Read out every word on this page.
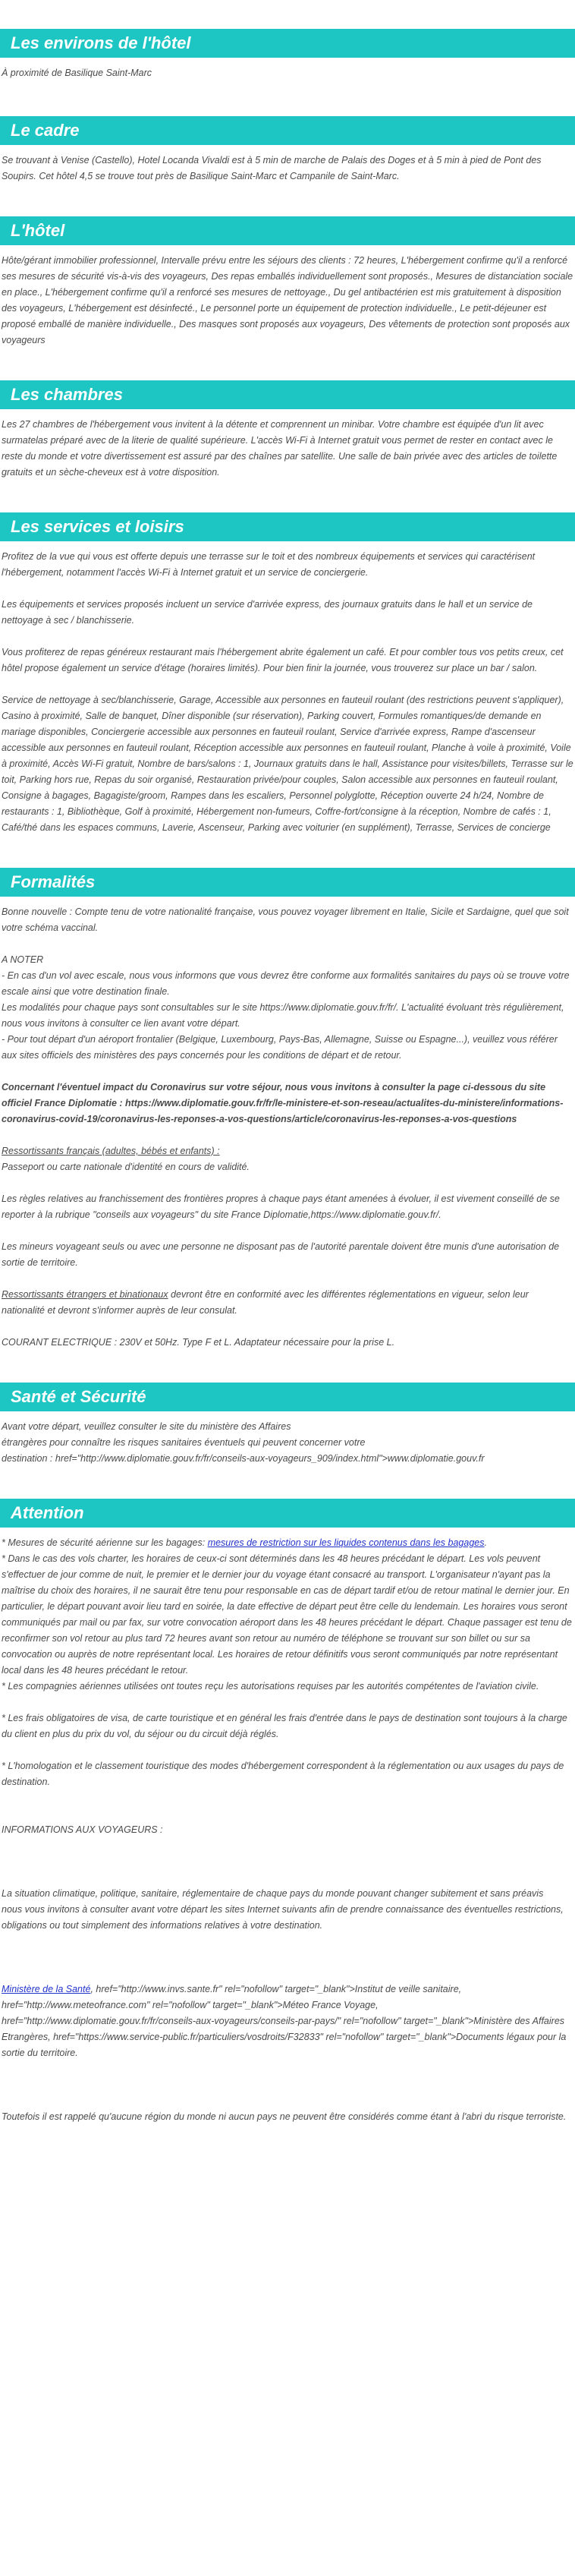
Les environs de l'hôtel

À proximité de Basilique Saint-Marc

Le cadre

Se trouvant à Venise (Castello), Hotel Locanda Vivaldi est à 5 min de marche de Palais des Doges et à 5 min à pied de Pont des Soupirs. Cet hôtel 4,5 se trouve tout près de Basilique Saint-Marc et Campanile de Saint-Marc.

L'hôtel

Hôte/gérant immobilier professionnel, Intervalle prévu entre les séjours des clients : 72 heures, L'hébergement confirme qu'il a renforcé ses mesures de sécurité vis-à-vis des voyageurs, Des repas emballés individuellement sont proposés., Mesures de distanciation sociale en place., L'hébergement confirme qu'il a renforcé ses mesures de nettoyage., Du gel antibactérien est mis gratuitement à disposition des voyageurs, L'hébergement est désinfecté., Le personnel porte un équipement de protection individuelle., Le petit-déjeuner est proposé emballé de manière individuelle., Des masques sont proposés aux voyageurs, Des vêtements de protection sont proposés aux voyageurs

Les chambres

Les 27 chambres de l'hébergement vous invitent à la détente et comprennent un minibar. Votre chambre est équipée d'un lit avec surmatelas préparé avec de la literie de qualité supérieure. L'accès Wi-Fi à Internet gratuit vous permet de rester en contact avec le reste du monde et votre divertissement est assuré par des chaînes par satellite. Une salle de bain privée avec des articles de toilette gratuits et un sèche-cheveux est à votre disposition.

Les services et loisirs

Profitez de la vue qui vous est offerte depuis une terrasse sur le toit et des nombreux équipements et services qui caractérisent l'hébergement, notamment l'accès Wi-Fi à Internet gratuit et un service de conciergerie.

Les équipements et services proposés incluent un service d'arrivée express, des journaux gratuits dans le hall et un service de nettoyage à sec / blanchisserie.

Vous profiterez de repas généreux restaurant mais l'hébergement abrite également un café. Et pour combler tous vos petits creux, cet hôtel propose également un service d'étage (horaires limités). Pour bien finir la journée, vous trouverez sur place un bar / salon.

Service de nettoyage à sec/blanchisserie, Garage, Accessible aux personnes en fauteuil roulant (des restrictions peuvent s'appliquer), Casino à proximité, Salle de banquet, Dîner disponible (sur réservation), Parking couvert, Formules romantiques/de demande en mariage disponibles, Conciergerie accessible aux personnes en fauteuil roulant, Service d'arrivée express, Rampe d'ascenseur accessible aux personnes en fauteuil roulant, Réception accessible aux personnes en fauteuil roulant, Planche à voile à proximité, Voile à proximité, Accès Wi-Fi gratuit, Nombre de bars/salons : 1, Journaux gratuits dans le hall, Assistance pour visites/billets, Terrasse sur le toit, Parking hors rue, Repas du soir organisé, Restauration privée/pour couples, Salon accessible aux personnes en fauteuil roulant, Consigne à bagages, Bagagiste/groom, Rampes dans les escaliers, Personnel polyglotte, Réception ouverte 24 h/24, Nombre de restaurants : 1, Bibliothèque, Golf à proximité, Hébergement non-fumeurs, Coffre-fort/consigne à la réception, Nombre de cafés : 1, Café/thé dans les espaces communs, Laverie, Ascenseur, Parking avec voiturier (en supplément), Terrasse, Services de concierge

Formalités

Bonne nouvelle : Compte tenu de votre nationalité française, vous pouvez voyager librement en Italie, Sicile et Sardaigne, quel que soit votre schéma vaccinal.

A NOTER
- En cas d'un vol avec escale, nous vous informons que vous devrez être conforme aux formalités sanitaires du pays où se trouve votre escale ainsi que votre destination finale.
Les modalités pour chaque pays sont consultables sur le site https://www.diplomatie.gouv.fr/fr/. L'actualité évoluant très régulièrement, nous vous invitons à consulter ce lien avant votre départ.

- Pour tout départ d'un aéroport frontalier (Belgique, Luxembourg, Pays-Bas, Allemagne, Suisse ou Espagne...), veuillez vous référer aux sites officiels des ministères des pays concernés pour les conditions de départ et de retour.

Concernant l'éventuel impact du Coronavirus sur votre séjour, nous vous invitons à consulter la page ci-dessous du site officiel France Diplomatie : https://www.diplomatie.gouv.fr/fr/le-ministere-et-son-reseau/actualites-du-ministere/informations-coronavirus-covid-19/coronavirus-les-reponses-a-vos-questions/article/coronavirus-les-reponses-a-vos-questions

Ressortissants français (adultes, bébés et enfants) :

Passeport ou carte nationale d'identité en cours de validité.

Les règles relatives au franchissement des frontières propres à chaque pays étant amenées à évoluer, il est vivement conseillé de se reporter à la rubrique "conseils aux voyageurs" du site France Diplomatie,https://www.diplomatie.gouv.fr/.

Les mineurs voyageant seuls ou avec une personne ne disposant pas de l'autorité parentale doivent être munis d'une autorisation de sortie de territoire.

Ressortissants étrangers et binationaux devront être en conformité avec les différentes réglementations en vigueur, selon leur nationalité et devront s'informer auprès de leur consulat.

COURANT ELECTRIQUE : 230V et 50Hz. Type F et L. Adaptateur nécessaire pour la prise L.

Santé et Sécurité
Avant votre départ, veuillez consulter le site du ministère des Affaires
étrangères pour connaître les risques sanitaires éventuels qui peuvent concerner votre
destination : href="http://www.diplomatie.gouv.fr/fr/conseils-aux-voyageurs_909/index.html">www.diplomatie.gouv.fr
Attention
* Mesures de sécurité aérienne sur les bagages: mesures de restriction sur les liquides contenus dans les bagages.
* Dans le cas des vols charter, les horaires de ceux-ci sont déterminés dans les 48 heures précédant le départ. Les vols peuvent s'effectuer de jour comme de nuit, le premier et le dernier jour du voyage étant consacré au transport. L'organisateur n'ayant pas la maîtrise du choix des horaires, il ne saurait être tenu pour responsable en cas de départ tardif et/ou de retour matinal le dernier jour. En particulier, le départ pouvant avoir lieu tard en soirée, la date effective de départ peut être celle du lendemain. Les horaires vous seront communiqués par mail ou par fax, sur votre convocation aéroport dans les 48 heures précédant le départ. Chaque passager est tenu de reconfirmer son vol retour au plus tard 72 heures avant son retour au numéro de téléphone se trouvant sur son billet ou sur sa convocation ou auprès de notre représentant local. Les horaires de retour définitifs vous seront communiqués par notre représentant local dans les 48 heures précédant le retour.
* Les compagnies aériennes utilisées ont toutes reçu les autorisations requises par les autorités compétentes de l'aviation civile.
* Les frais obligatoires de visa, de carte touristique et en général les frais d'entrée dans le pays de destination sont toujours à la charge du client en plus du prix du vol, du séjour ou du circuit déjà réglés.
* L'homologation et le classement touristique des modes d'hébergement correspondent à la réglementation ou aux usages du pays de destination.
INFORMATIONS AUX VOYAGEURS :
La situation climatique, politique, sanitaire, réglementaire de chaque pays du monde pouvant changer subitement et sans préavis
nous vous invitons à consulter avant votre départ les sites Internet suivants afin de prendre connaissance des éventuelles restrictions, obligations ou tout simplement des informations relatives à votre destination.
Ministère de la Santé, href="http://www.invs.sante.fr" rel="nofollow" target="_blank">Institut de veille sanitaire, href="http://www.meteofrance.com" rel="nofollow" target="_blank">Méteo France Voyage, href="http://www.diplomatie.gouv.fr/fr/conseils-aux-voyageurs/conseils-par-pays/" rel="nofollow" target="_blank">Ministère des Affaires Etrangères, href="https://www.service-public.fr/particuliers/vosdroits/F32833" rel="nofollow" target="_blank">Documents légaux pour la sortie du territoire.
Toutefois il est rappelé qu'aucune région du monde ni aucun pays ne peuvent être considérés comme étant à l'abri du risque terroriste.
